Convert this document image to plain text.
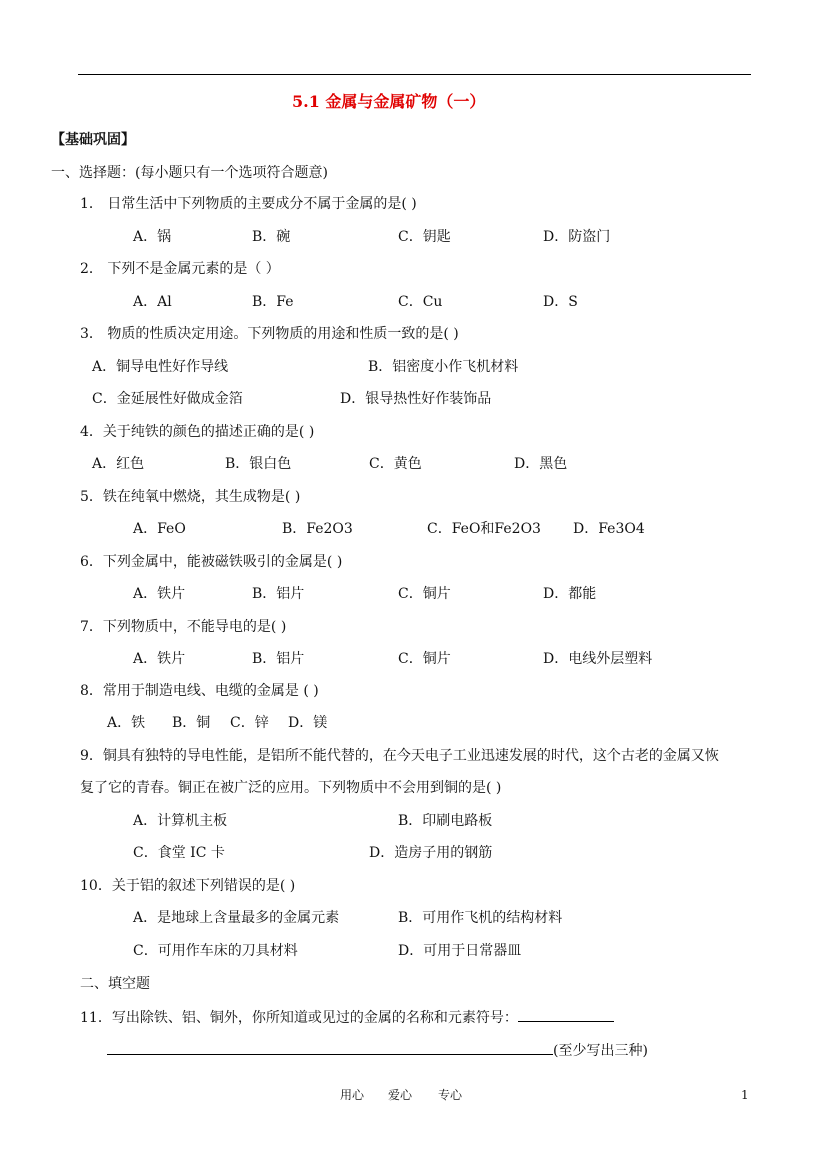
5.1 金属与金属矿物（一）
【基础巩固】
一、选择题：(每小题只有一个选项符合题意)
1． 日常生活中下列物质的主要成分不属于金属的是( )
A．锅	B．碗	C．钥匙	D．防盗门
2． 下列不是金属元素的是（ ）
A．Al	B．Fe	C．Cu	D．S
3． 物质的性质决定用途。下列物质的用途和性质一致的是( )
A．铜导电性好作导线	B．铝密度小作飞机材料
C．金延展性好做成金箔	D．银导热性好作装饰品
4．关于纯铁的颜色的描述正确的是( )
A．红色	B．银白色	C．黄色	D．黑色
5．铁在纯氧中燃烧，其生成物是( )
A．FeO	B．Fe2O3	C．FeO和Fe2O3 D．Fe3O4
6．下列金属中，能被磁铁吸引的金属是( )
A．铁片	B．铝片	C．铜片	D．都能
7．下列物质中，不能导电的是( )
A．铁片	B．铝片	C．铜片	D．电线外层塑料
8．常用于制造电线、电缆的金属是 ( )
A．铁 B．铜 C．锌 D．镁
9．铜具有独特的导电性能，是铝所不能代替的，在今天电子工业迅速发展的时代，这个古老的金属又恢
复了它的青春。铜正在被广泛的应用。下列物质中不会用到铜的是( )
A．计算机主板	B．印刷电路板
C．食堂 IC 卡	D．造房子用的钢筋
10．关于铝的叙述下列错误的是( )
A．是地球上含量最多的金属元素	B．可用作飞机的结构材料
C．可用作车床的刀具材料	D．可用于日常器皿
二、填空题
11．写出除铁、铝、铜外，你所知道或见过的金属的名称和元素符号：
(至少写出三种)
用心 爱心 专心	1
